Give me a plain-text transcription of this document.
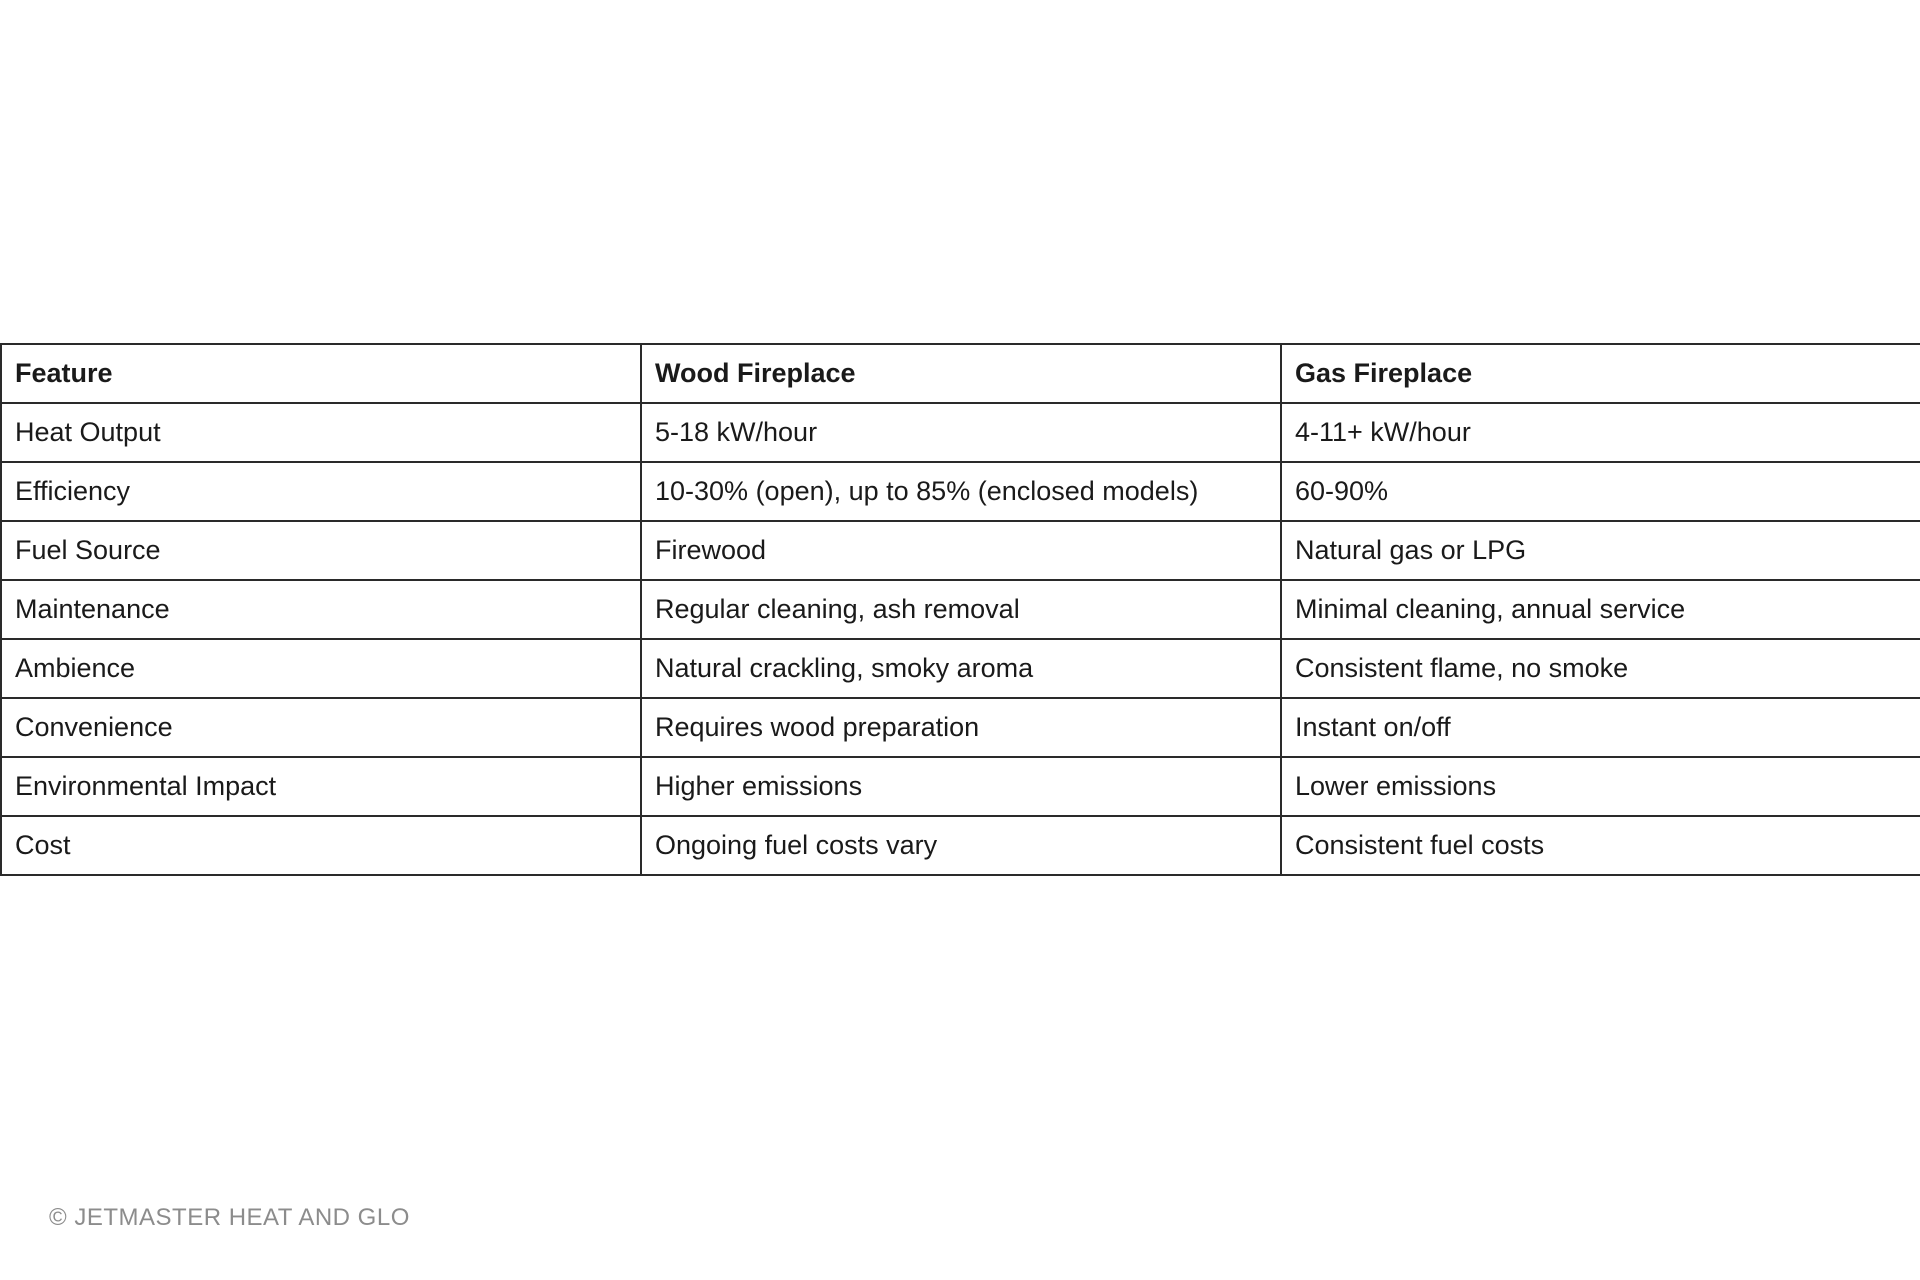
Feature	Wood Fireplace	Gas Fireplace
Heat Output	5-18 kW/hour	4-11+ kW/hour
Efficiency	10-30% (open), up to 85% (enclosed models)	60-90%
Fuel Source	Firewood	Natural gas or LPG
Maintenance	Regular cleaning, ash removal	Minimal cleaning, annual service
Ambience	Natural crackling, smoky aroma	Consistent flame, no smoke
Convenience	Requires wood preparation	Instant on/off
Environmental Impact	Higher emissions	Lower emissions
Cost	Ongoing fuel costs vary	Consistent fuel costs
© JETMASTER HEAT AND GLO
